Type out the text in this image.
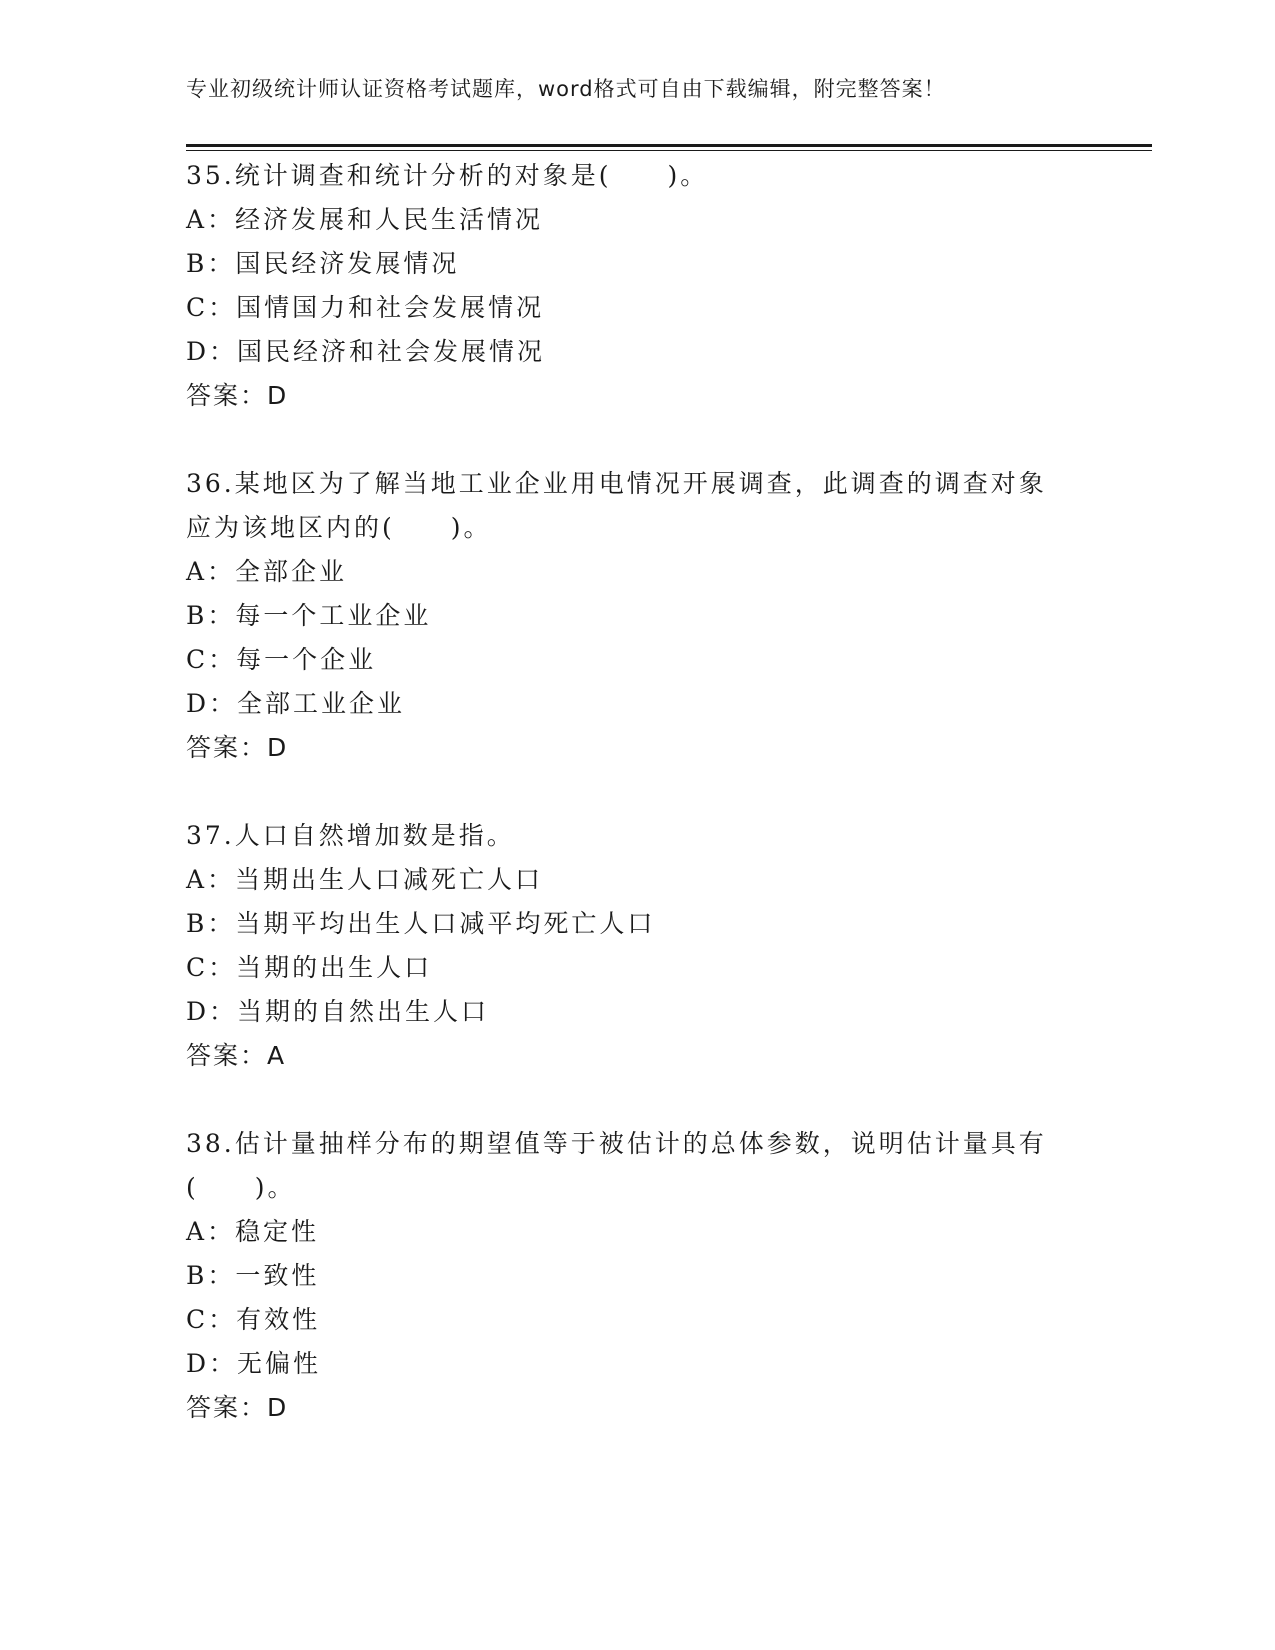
专业初级统计师认证资格考试题库，word格式可自由下载编辑，附完整答案！
35.统计调查和统计分析的对象是(　　)。
A：经济发展和人民生活情况
B：国民经济发展情况
C：国情国力和社会发展情况
D：国民经济和社会发展情况
答案：D
36.某地区为了解当地工业企业用电情况开展调查，此调查的调查对象
应为该地区内的(　　)。
A：全部企业
B：每一个工业企业
C：每一个企业
D：全部工业企业
答案：D
37.人口自然增加数是指。
A：当期出生人口减死亡人口
B：当期平均出生人口减平均死亡人口
C：当期的出生人口
D：当期的自然出生人口
答案：A
38.估计量抽样分布的期望值等于被估计的总体参数，说明估计量具有
(　　)。
A：稳定性
B：一致性
C：有效性
D：无偏性
答案：D
